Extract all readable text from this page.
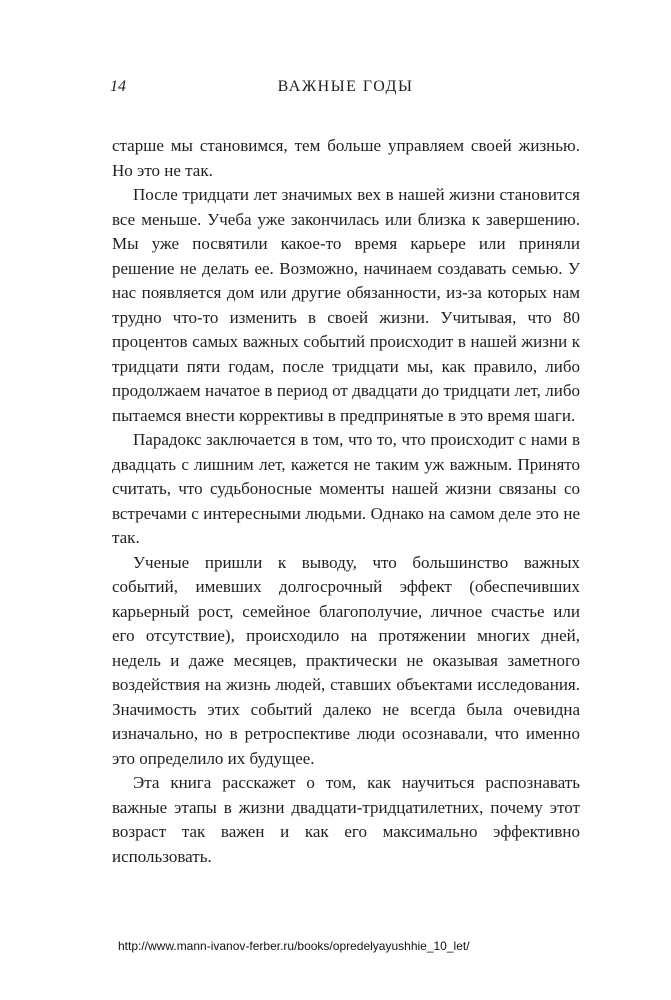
14	ВАЖНЫЕ ГОДЫ

старше мы становимся, тем больше управляем своей жизнью. Но это не так.

После тридцати лет значимых вех в нашей жизни становится все меньше. Учеба уже закончилась или близка к завершению. Мы уже посвятили какое-то время карьере или приняли решение не делать ее. Возможно, начинаем создавать семью. У нас появляется дом или другие обязанности, из-за которых нам трудно что-то изменить в своей жизни. Учитывая, что 80 процентов самых важных событий происходит в нашей жизни к тридцати пяти годам, после тридцати мы, как правило, либо продолжаем начатое в период от двадцати до тридцати лет, либо пытаемся внести коррективы в предпринятые в это время шаги.

Парадокс заключается в том, что то, что происходит с нами в двадцать с лишним лет, кажется не таким уж важным. Принято считать, что судьбоносные моменты нашей жизни связаны со встречами с интересными людьми. Однако на самом деле это не так.

Ученые пришли к выводу, что большинство важных событий, имевших долгосрочный эффект (обеспечивших карьерный рост, семейное благополучие, личное счастье или его отсутствие), происходило на протяжении многих дней, недель и даже месяцев, практически не оказывая заметного воздействия на жизнь людей, ставших объектами исследования. Значимость этих событий далеко не всегда была очевидна изначально, но в ретроспективе люди осознавали, что именно это определило их будущее.

Эта книга расскажет о том, как научиться распознавать важные этапы в жизни двадцати-тридцатилетних, почему этот возраст так важен и как его максимально эффективно использовать.

http://www.mann-ivanov-ferber.ru/books/opredelyayushhie_10_let/
